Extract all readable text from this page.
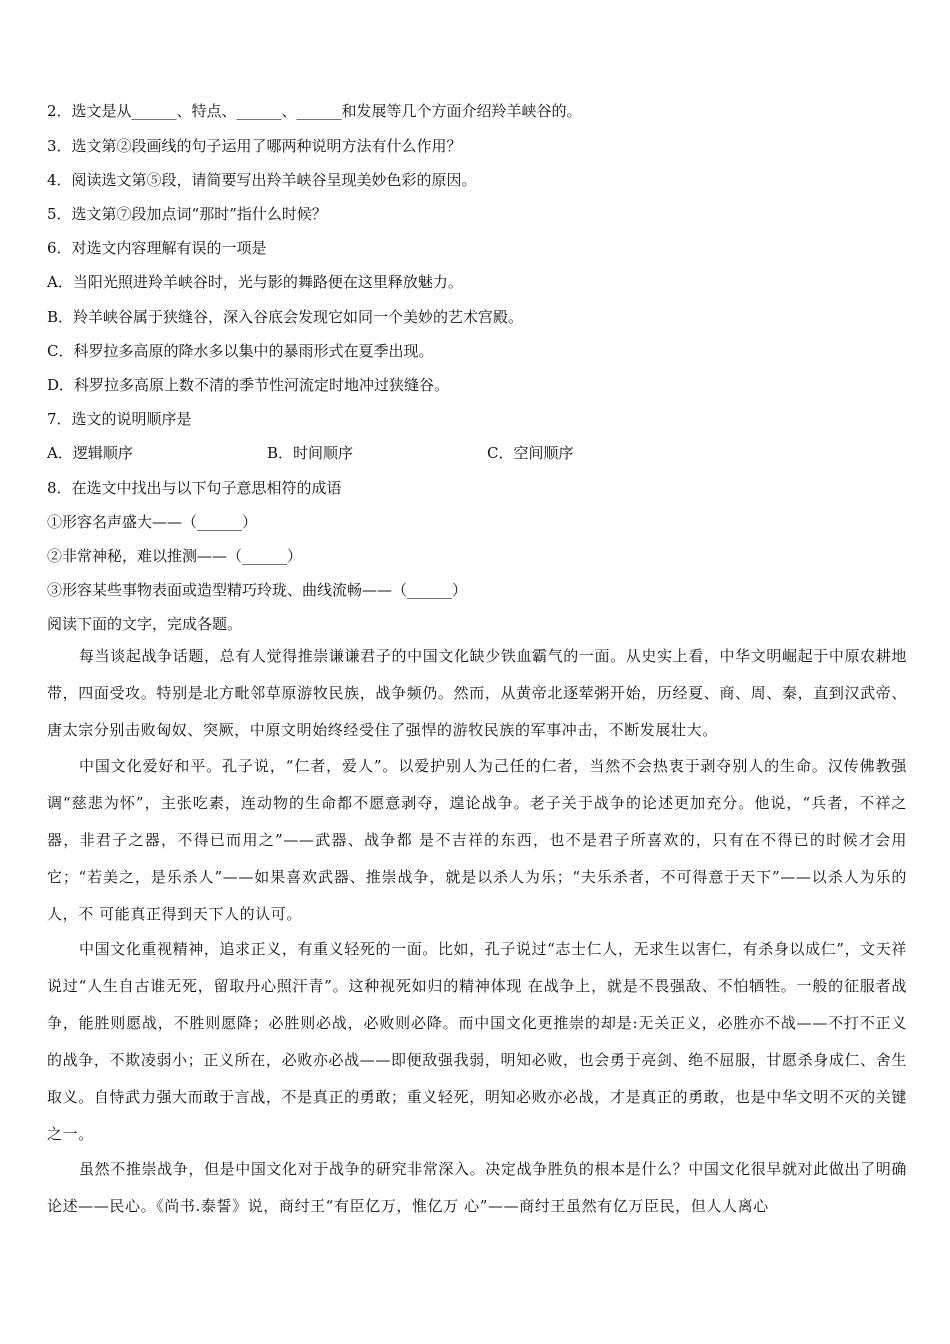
2．选文是从______、特点、______、______和发展等几个方面介绍羚羊峡谷的。
3．选文第②段画线的句子运用了哪两种说明方法有什么作用？
4．阅读选文第⑤段，请简要写出羚羊峡谷呈现美妙色彩的原因。
5．选文第⑦段加点词“那时”指什么时候？
6．对选文内容理解有误的一项是
A．当阳光照进羚羊峡谷时，光与影的舞路便在这里释放魅力。
B．羚羊峡谷属于狭缝谷，深入谷底会发现它如同一个美妙的艺术宫殿。
C．科罗拉多高原的降水多以集中的暴雨形式在夏季出现。
D．科罗拉多高原上数不清的季节性河流定时地冲过狭缝谷。
7．选文的说明顺序是
A．逻辑顺序	B．时间顺序	C．空间顺序
8．在选文中找出与以下句子意思相符的成语
①形容名声盛大——（______）
②非常神秘，难以推测——（______）
③形容某些事物表面或造型精巧玲珑、曲线流畅——（______）
阅读下面的文字，完成各题。
每当谈起战争话题，总有人觉得推崇谦谦君子的中国文化缺少铁血霸气的一面。从史实上看，中华文明崛起于中原农耕地带，四面受攻。特别是北方毗邻草原游牧民族，战争频仍。然而，从黄帝北逐荤粥开始，历经夏、商、周、秦，直到汉武帝、唐太宗分别击败匈奴、突厥，中原文明始终经受住了强悍的游牧民族的军事冲击，不断发展壮大。
中国文化爱好和平。孔子说，“仁者，爱人”。以爱护别人为己任的仁者，当然不会热衷于剥夺别人的生命。汉传佛教强调“慈悲为怀”，主张吃素，连动物的生命都不愿意剥夺，遑论战争。老子关于战争的论述更加充分。他说，“兵者，不祥之器，非君子之器，不得已而用之”——武器、战争都 是不吉祥的东西，也不是君子所喜欢的，只有在不得已的时候才会用它；“若美之，是乐杀人”——如果喜欢武器、推崇战争，就是以杀人为乐；“夫乐杀者，不可得意于天下”——以杀人为乐的人，不 可能真正得到天下人的认可。
中国文化重视精神，追求正义，有重义轻死的一面。比如，孔子说过“志士仁人，无求生以害仁，有杀身以成仁”，文天祥说过“人生自古谁无死，留取丹心照汗青”。这种视死如归的精神体现 在战争上，就是不畏强敌、不怕牺牲。一般的征服者战争，能胜则愿战，不胜则愿降；必胜则必战，必败则必降。而中国文化更推崇的却是:无关正义，必胜亦不战——不打不正义的战争，不欺凌弱小；正义所在，必败亦必战——即便敌强我弱，明知必败，也会勇于亮剑、绝不屈服，甘愿杀身成仁、舍生取义。自恃武力强大而敢于言战，不是真正的勇敢；重义轻死，明知必败亦必战，才是真正的勇敢，也是中华文明不灭的关键之一。
虽然不推崇战争，但是中国文化对于战争的研究非常深入。决定战争胜负的根本是什么？中国文化很早就对此做出了明确论述——民心。《尚书.泰誓》说，商纣王“有臣亿万，惟亿万 心”——商纣王虽然有亿万臣民，但人人离心
